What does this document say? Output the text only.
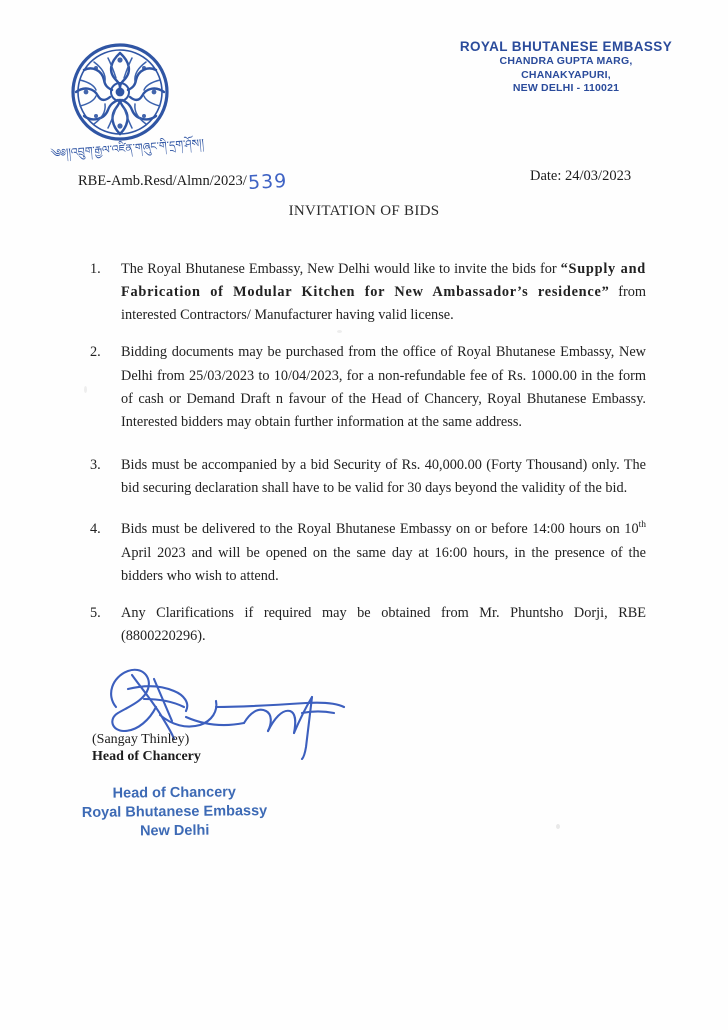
༄༅།།འབྲུག་རྒྱལ་འཛིན་གཞུང་གི་དྲག་ཤོས།།
ROYAL BHUTANESE EMBASSY
CHANDRA GUPTA MARG,
CHANAKYAPURI,
NEW DELHI - 110021
RBE-Amb.Resd/Almn/2023/539	Date: 24/03/2023
INVITATION OF BIDS
1. The Royal Bhutanese Embassy, New Delhi would like to invite the bids for “Supply and Fabrication of Modular Kitchen for New Ambassador’s residence” from interested Contractors/ Manufacturer having valid license.
2. Bidding documents may be purchased from the office of Royal Bhutanese Embassy, New Delhi from 25/03/2023 to 10/04/2023, for a non-refundable fee of Rs. 1000.00 in the form of cash or Demand Draft n favour of the Head of Chancery, Royal Bhutanese Embassy. Interested bidders may obtain further information at the same address.
3. Bids must be accompanied by a bid Security of Rs. 40,000.00 (Forty Thousand) only. The bid securing declaration shall have to be valid for 30 days beyond the validity of the bid.
4. Bids must be delivered to the Royal Bhutanese Embassy on or before 14:00 hours on 10th April 2023 and will be opened on the same day at 16:00 hours, in the presence of the bidders who wish to attend.
5. Any Clarifications if required may be obtained from Mr. Phuntsho Dorji, RBE (8800220296).
(Sangay Thinley)
Head of Chancery
Head of Chancery
Royal Bhutanese Embassy
New Delhi
